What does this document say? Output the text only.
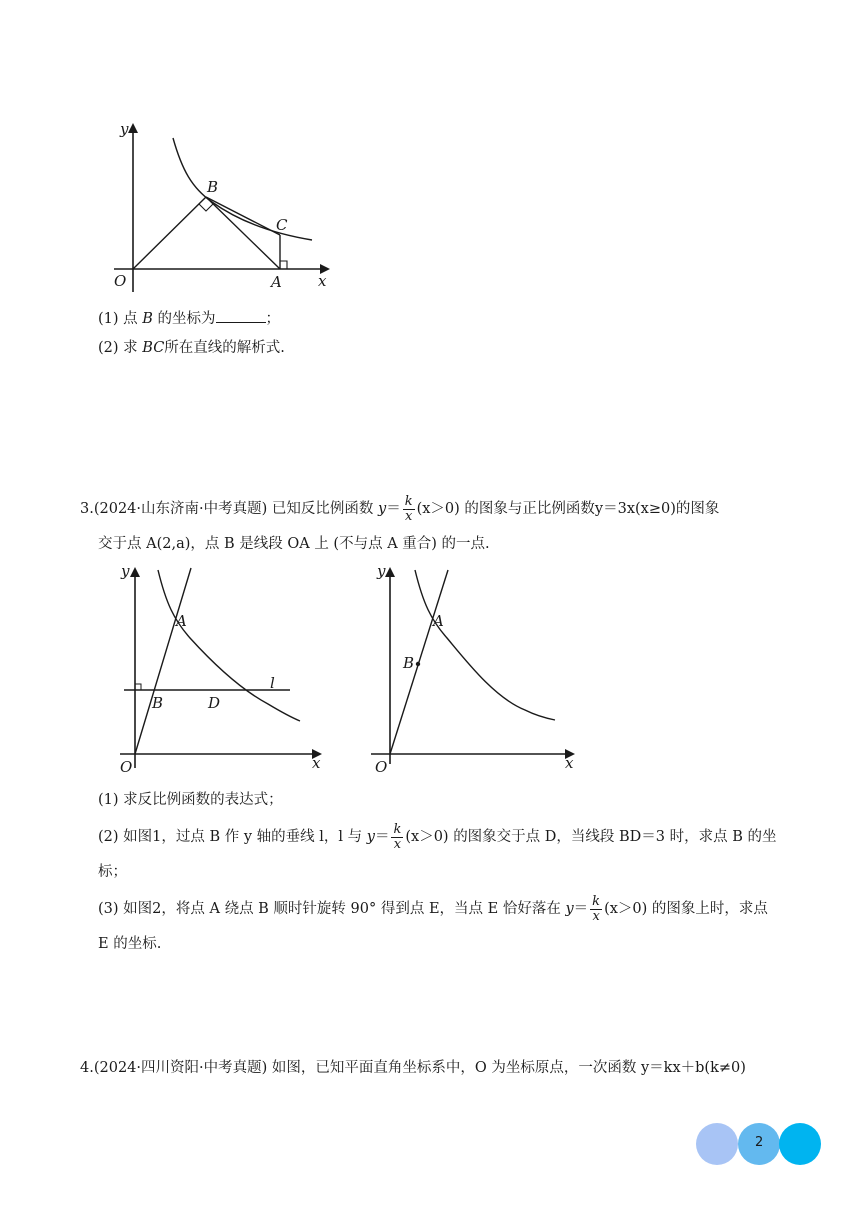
y
B
C
O	A x
(1) 点 B 的坐标为	；
(2) 求 BC所在直线的解析式.
3.(2024·山东济南·中考真题) 已知反比例函数 $y= \frac{k}{x} (x>0)$ 的图象与正比例函数y＝3x(x≥0)的图象
交于点 A(2,a)，点 B 是线段 OA 上 (不与点 A 重合) 的一点.
y
A
l
B	D
O	x
y
A
B
O	x
(1) 求反比例函数的表达式；
(2) 如图1，过点 B 作 y 轴的垂线 l，l 与 $y= \frac{k}{x} (x>0)$ 的图象交于点 D，当线段 BD＝3 时，求点 B 的坐
标；
(3) 如图2，将点 A 绕点 B 顺时针旋转 90° 得到点 E，当点 E 恰好落在 $y= \frac{k}{x} (x>0)$ 的图象上时，求点
E 的坐标.
4.(2024·四川资阳·中考真题) 如图，已知平面直角坐标系中，O 为坐标原点，一次函数 y＝kx＋b(k≠0)
2
